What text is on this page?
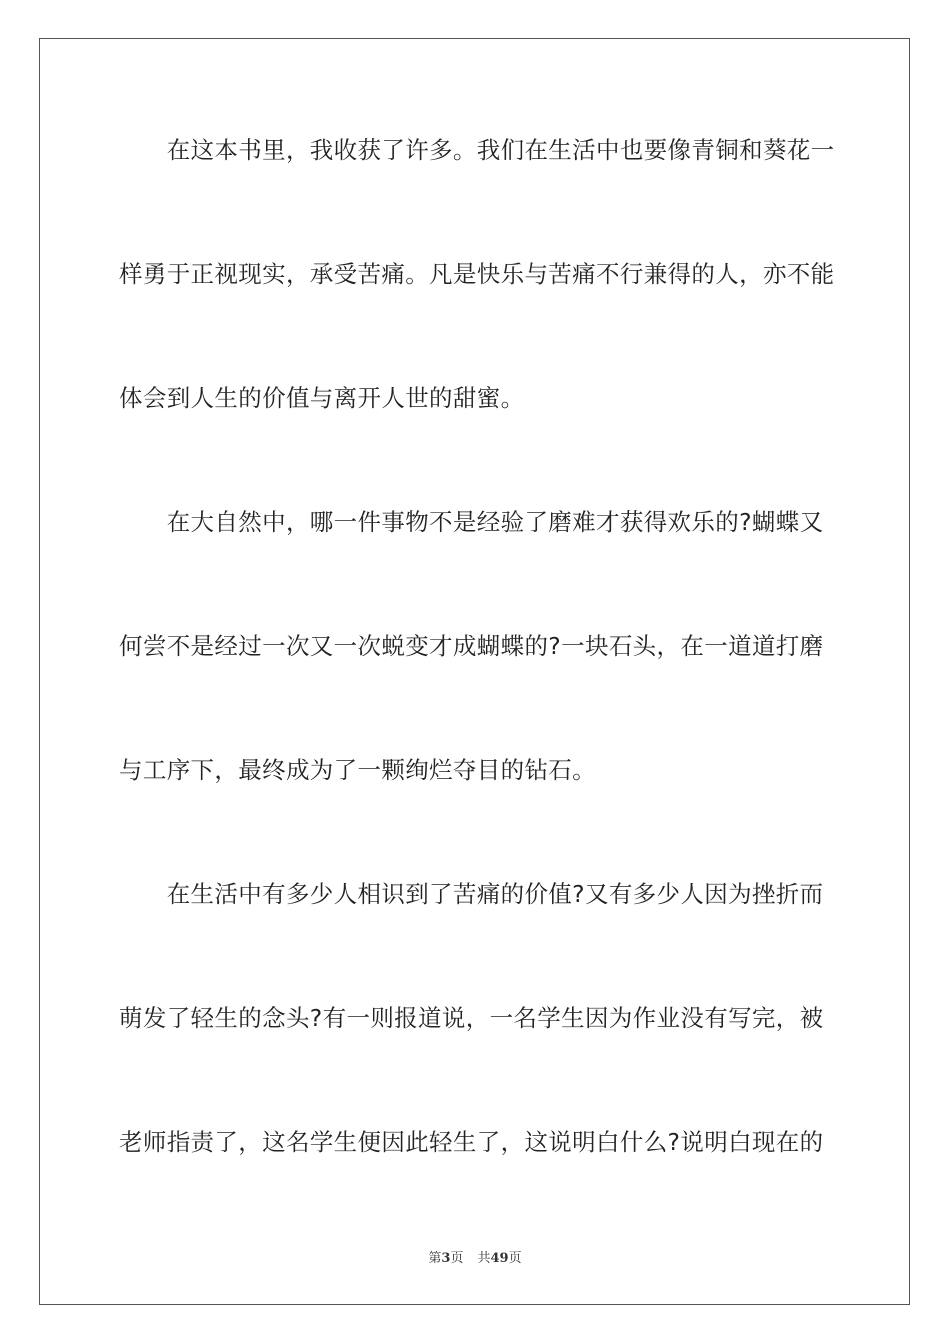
　　在这本书里，我收获了许多。我们在生活中也要像青铜和葵花一
样勇于正视现实，承受苦痛。凡是快乐与苦痛不行兼得的人，亦不能
体会到人生的价值与离开人世的甜蜜。
　　在大自然中，哪一件事物不是经验了磨难才获得欢乐的?蝴蝶又
何尝不是经过一次又一次蜕变才成蝴蝶的?一块石头，在一道道打磨
与工序下，最终成为了一颗绚烂夺目的钻石。
　　在生活中有多少人相识到了苦痛的价值?又有多少人因为挫折而
萌发了轻生的念头?有一则报道说，一名学生因为作业没有写完，被
老师指责了，这名学生便因此轻生了，这说明白什么?说明白现在的
第3页 共49页
